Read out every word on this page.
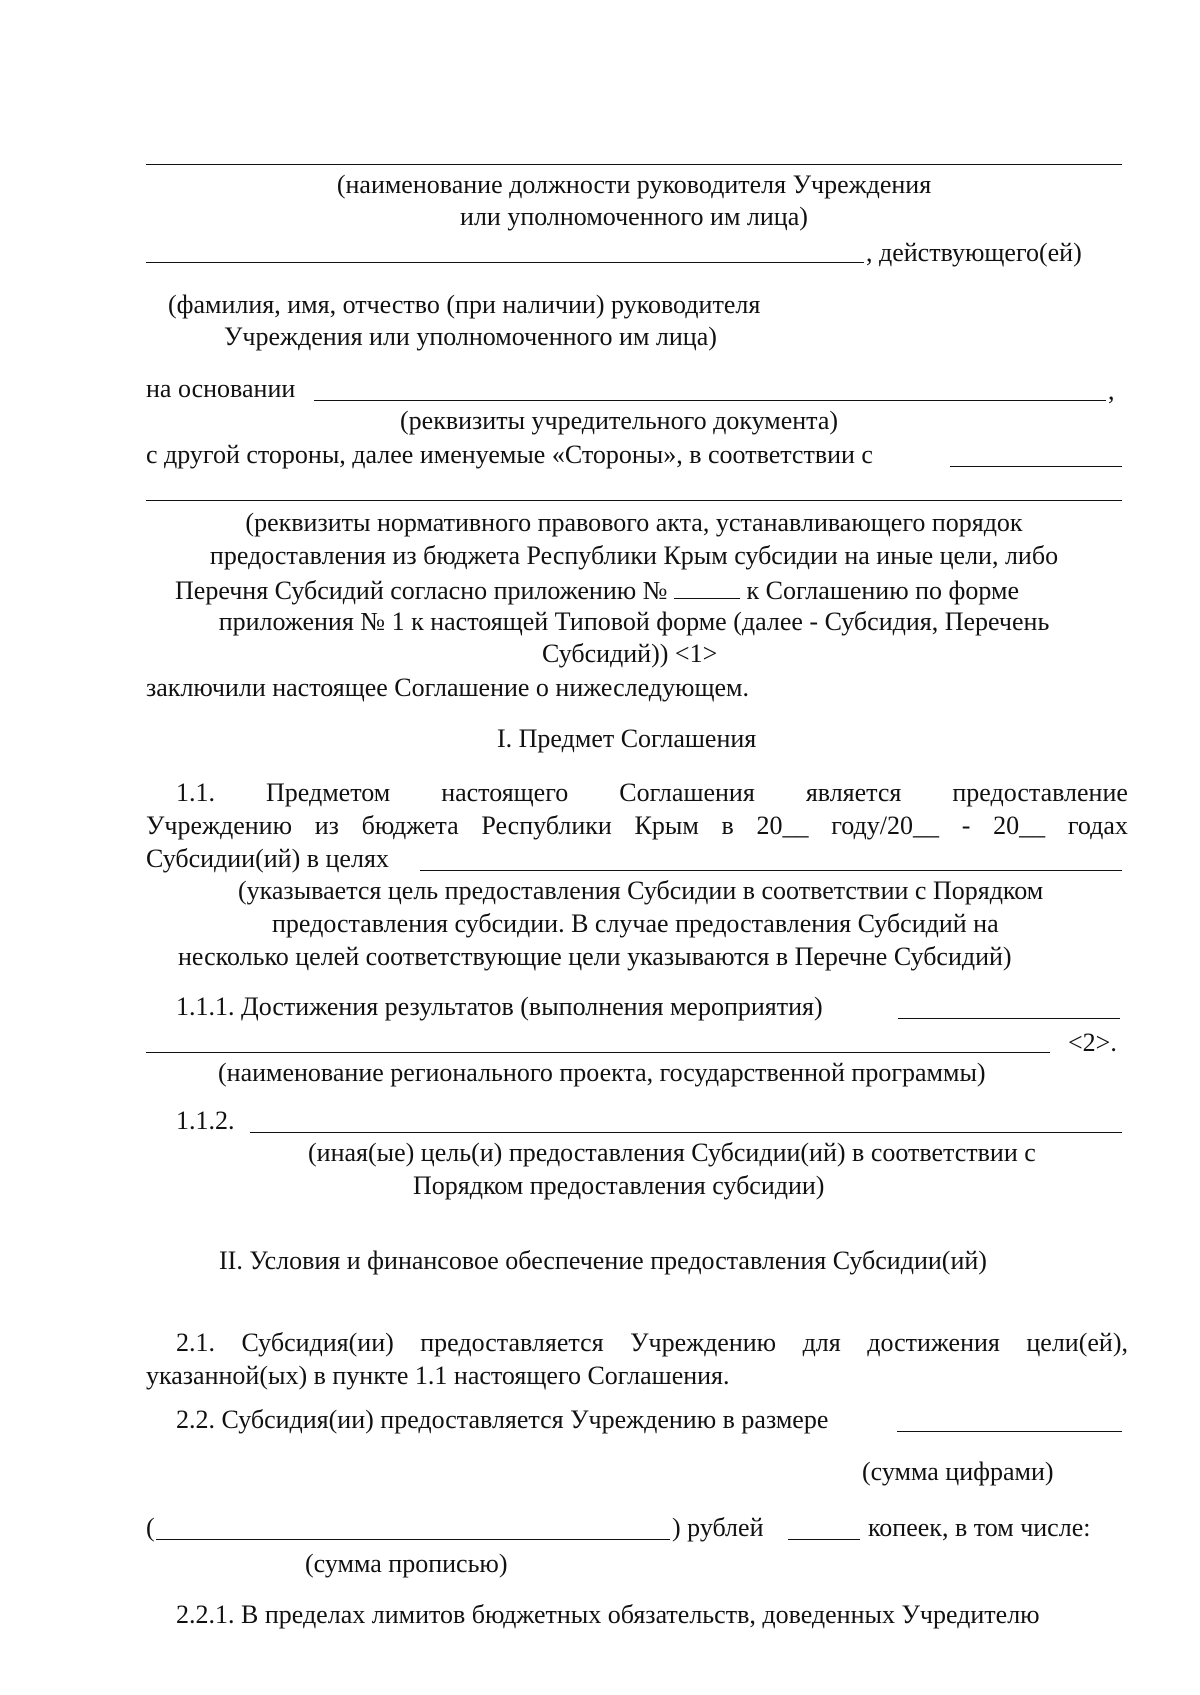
(наименование должности руководителя Учреждения
или уполномоченного им лица)
, действующего(ей)
(фамилия, имя, отчество (при наличии) руководителя
Учреждения или уполномоченного им лица)
на основании	,
(реквизиты учредительного документа)
с другой стороны, далее именуемые «Стороны», в соответствии с
(реквизиты нормативного правового акта, устанавливающего порядок
предоставления из бюджета Республики Крым субсидии на иные цели, либо
Перечня Субсидий согласно приложению №	к Соглашению по форме
приложения № 1 к настоящей Типовой форме (далее - Субсидия, Перечень
Субсидий)) <1>
заключили настоящее Соглашение о нижеследующем.
I. Предмет Соглашения
1.1. Предметом настоящего Соглашения является предоставление
Учреждению из бюджета Республики Крым в 20__ году/20__ - 20__ годах
Субсидии(ий) в целях
(указывается цель предоставления Субсидии в соответствии с Порядком
предоставления субсидии. В случае предоставления Субсидий на
несколько целей соответствующие цели указываются в Перечне Субсидий)
1.1.1. Достижения результатов (выполнения мероприятия)
<2>.
(наименование регионального проекта, государственной программы)
1.1.2.
(иная(ые) цель(и) предоставления Субсидии(ий) в соответствии с
Порядком предоставления субсидии)
II. Условия и финансовое обеспечение предоставления Субсидии(ий)
2.1. Субсидия(ии) предоставляется Учреждению для достижения цели(ей),
указанной(ых) в пункте 1.1 настоящего Соглашения.
2.2. Субсидия(ии) предоставляется Учреждению в размере
(сумма цифрами)
(	) рублей	копеек, в том числе:
(сумма прописью)
2.2.1. В пределах лимитов бюджетных обязательств, доведенных Учредителю
